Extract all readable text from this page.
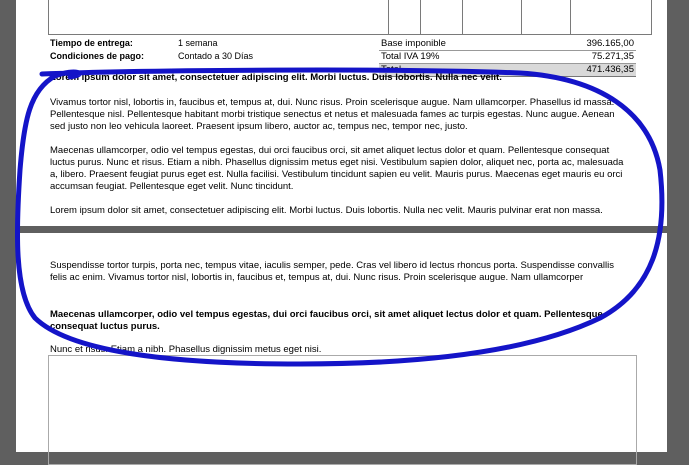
Tiempo de entrega:	1 semana
Condiciones de pago:	Contado a 30 Días
Base imponible	396.165,00
Total IVA 19%	75.271,35
Total	471.436,35

Lorem ipsum dolor sit amet, consectetuer adipiscing elit. Morbi luctus. Duis lobortis. Nulla nec velit.

Vivamus tortor nisl, lobortis in, faucibus et, tempus at, dui. Nunc risus. Proin scelerisque augue. Nam ullamcorper. Phasellus id massa. Pellentesque nisl. Pellentesque habitant morbi tristique senectus et netus et malesuada fames ac turpis egestas. Nunc augue. Aenean sed justo non leo vehicula laoreet. Praesent ipsum libero, auctor ac, tempus nec, tempor nec, justo.

Maecenas ullamcorper, odio vel tempus egestas, dui orci faucibus orci, sit amet aliquet lectus dolor et quam. Pellentesque consequat luctus purus. Nunc et risus. Etiam a nibh. Phasellus dignissim metus eget nisi. Vestibulum sapien dolor, aliquet nec, porta ac, malesuada a, libero. Praesent feugiat purus eget est. Nulla facilisi. Vestibulum tincidunt sapien eu velit. Mauris purus. Maecenas eget mauris eu orci accumsan feugiat. Pellentesque eget velit. Nunc tincidunt.

Lorem ipsum dolor sit amet, consectetuer adipiscing elit. Morbi luctus. Duis lobortis. Nulla nec velit. Mauris pulvinar erat non massa.

Suspendisse tortor turpis, porta nec, tempus vitae, iaculis semper, pede. Cras vel libero id lectus rhoncus porta. Suspendisse convallis felis ac enim. Vivamus tortor nisl, lobortis in, faucibus et, tempus at, dui. Nunc risus. Proin scelerisque augue. Nam ullamcorper

Maecenas ullamcorper, odio vel tempus egestas, dui orci faucibus orci, sit amet aliquet lectus dolor et quam. Pellentesque consequat luctus purus.

Nunc et risus. Etiam a nibh. Phasellus dignissim metus eget nisi.
